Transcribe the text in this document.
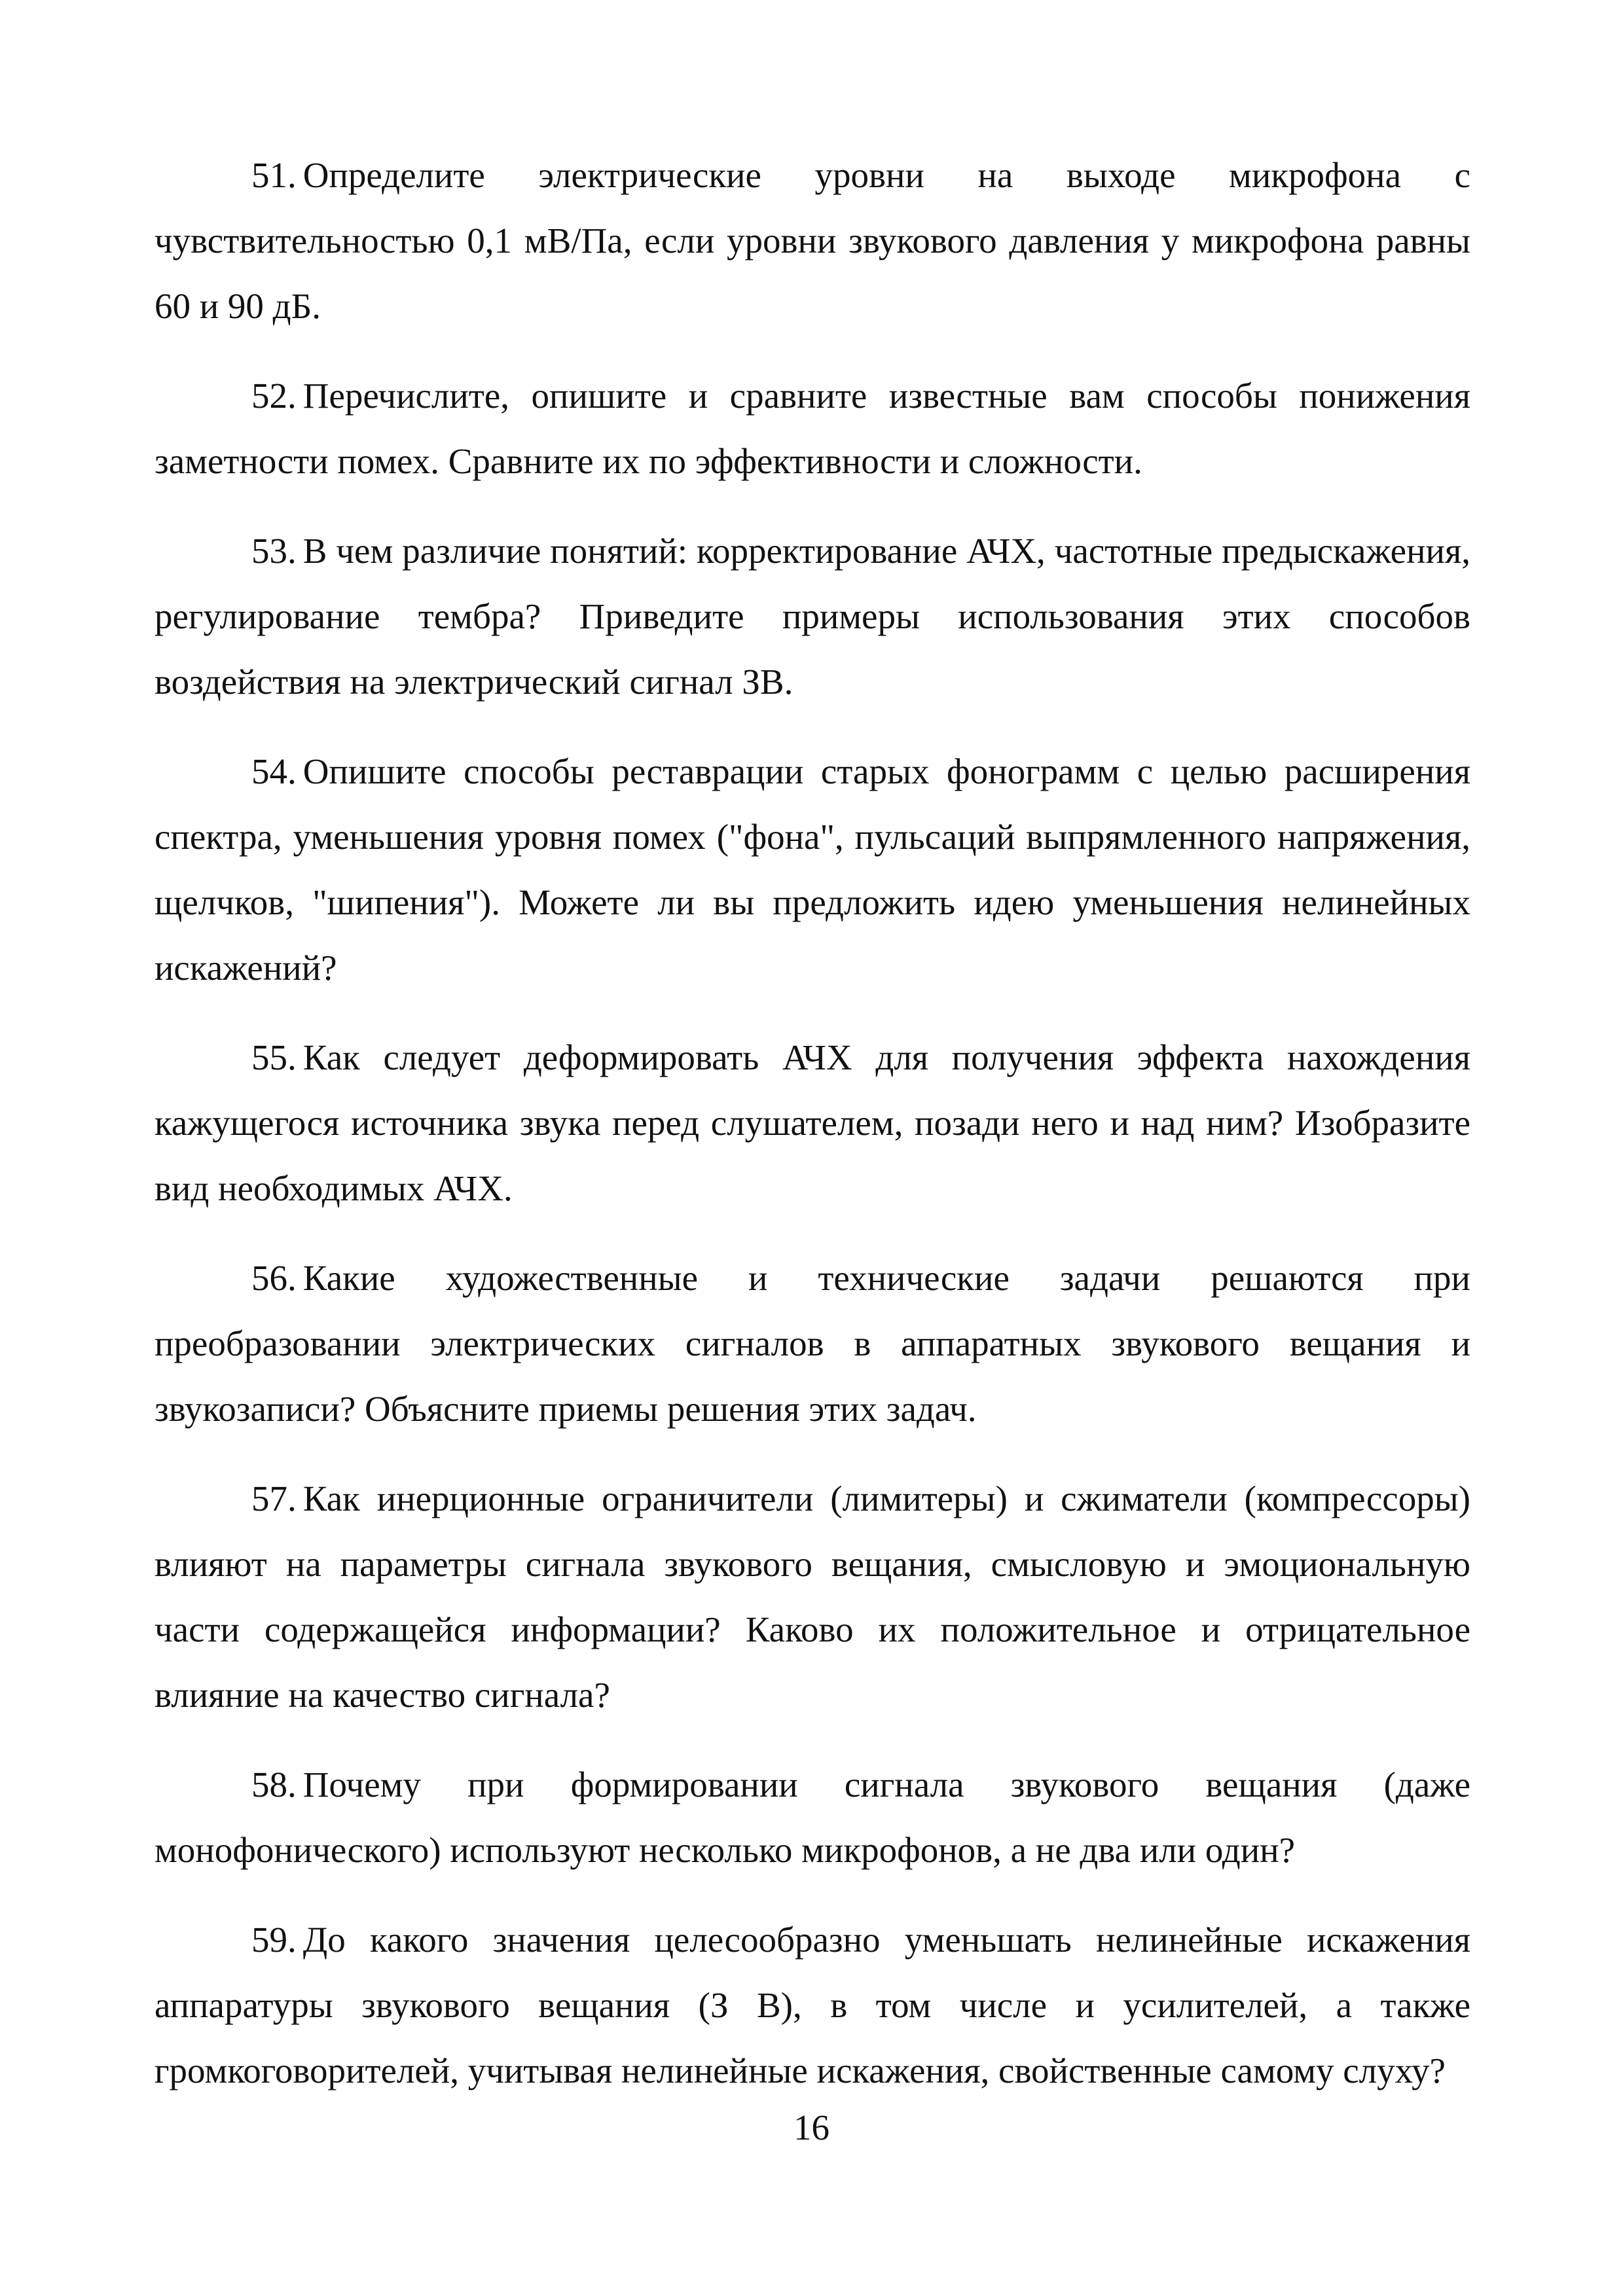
51. Определите электрические уровни на выходе микрофона с чувствительностью 0,1 мВ/Па, если уровни звукового давления у микрофона равны 60 и 90 дБ.

52. Перечислите, опишите и сравните известные вам способы понижения заметности помех. Сравните их по эффективности и сложности.

53. В чем различие понятий: корректирование АЧХ, частотные предыскажения, регулирование тембра? Приведите примеры использования этих способов воздействия на электрический сигнал ЗВ.

54. Опишите способы реставрации старых фонограмм с целью расширения спектра, уменьшения уровня помех ("фона", пульсаций выпрямленного напряжения, щелчков, "шипения"). Можете ли вы предложить идею уменьшения нелинейных искажений?

55. Как следует деформировать АЧХ для получения эффекта нахождения кажущегося источника звука перед слушателем, позади него и над ним? Изобразите вид необходимых АЧХ.

56. Какие художественные и технические задачи решаются при преобразовании электрических сигналов в аппаратных звукового вещания и звукозаписи? Объясните приемы решения этих задач.

57. Как инерционные ограничители (лимитеры) и сжиматели (компрессоры) влияют на параметры сигнала звукового вещания, смысловую и эмоциональную части содержащейся информации? Каково их положительное и отрицательное влияние на качество сигнала?

58. Почему при формировании сигнала звукового вещания (даже монофонического) используют несколько микрофонов, а не два или один?

59. До какого значения целесообразно уменьшать нелинейные искажения аппаратуры звукового вещания (З В), в том числе и усилителей, а также громкоговорителей, учитывая нелинейные искажения, свойственные самому слуху?

16
